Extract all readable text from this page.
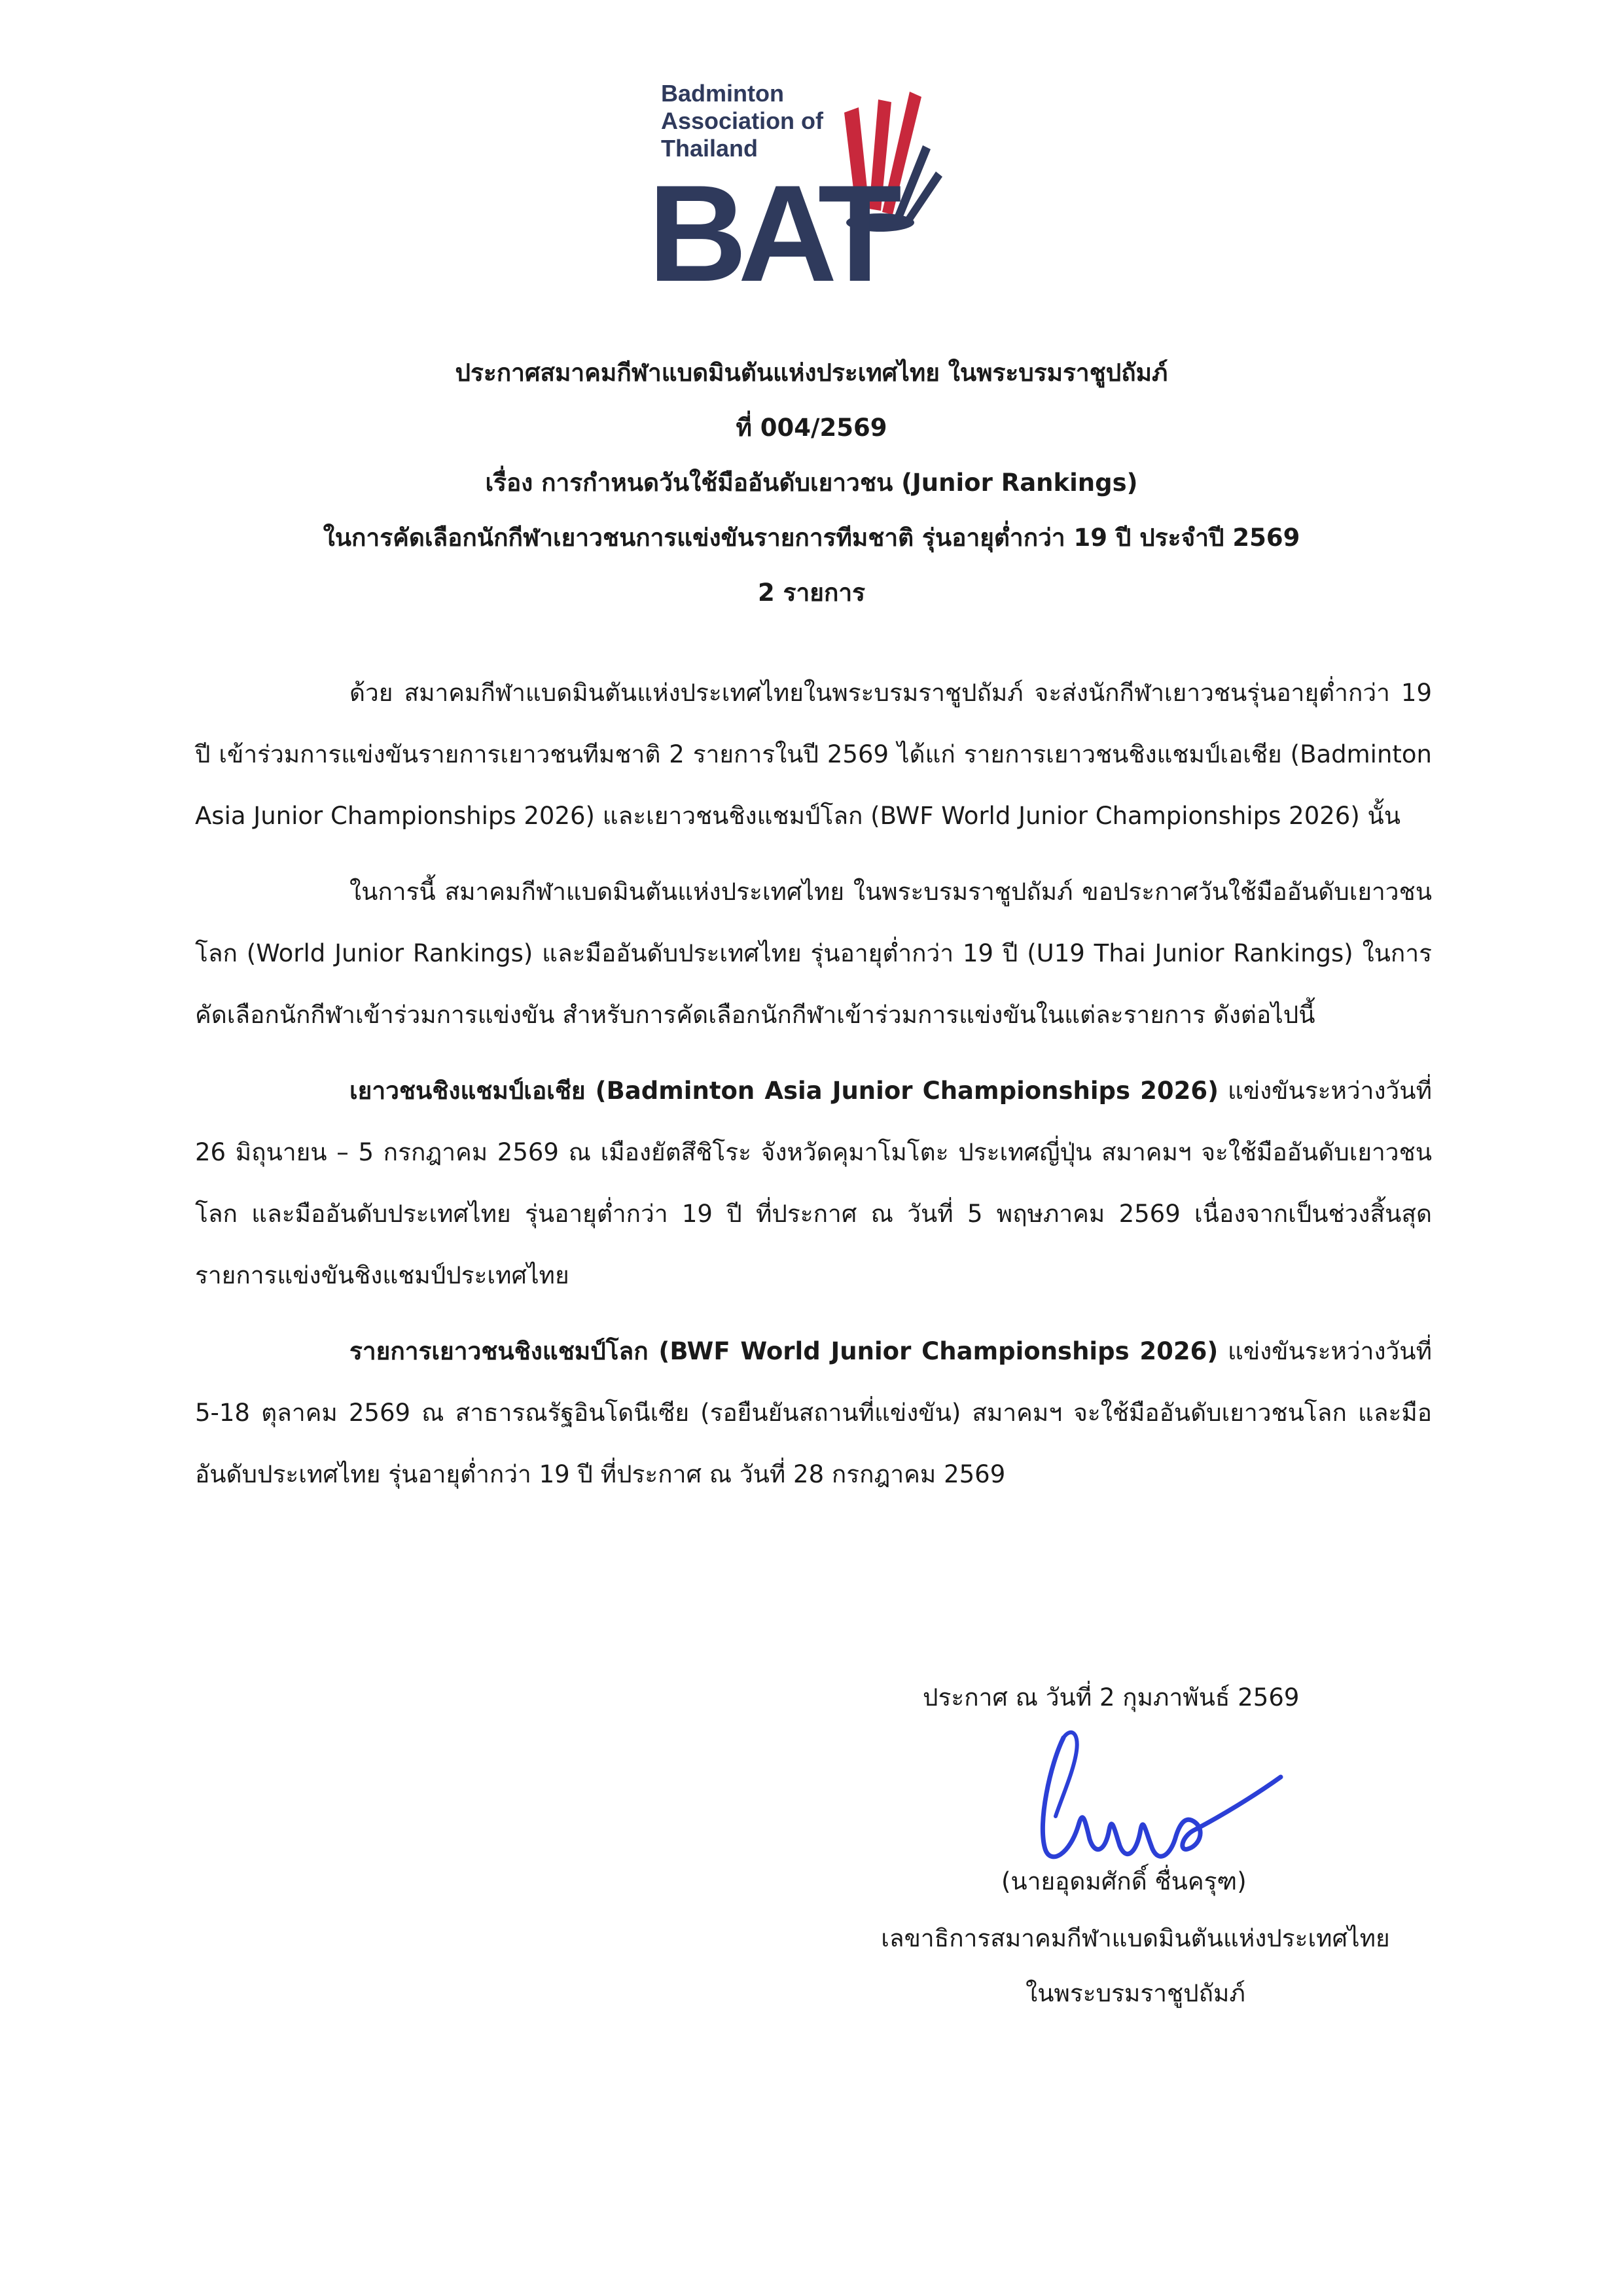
Badminton
Association of
Thailand
BAT
ประกาศสมาคมกีฬาแบดมินตันแห่งประเทศไทย ในพระบรมราชูปถัมภ์
ที่ 004/2569
เรื่อง การกำหนดวันใช้มืออันดับเยาวชน (Junior Rankings)
ในการคัดเลือกนักกีฬาเยาวชนการแข่งขันรายการทีมชาติ รุ่นอายุต่ำกว่า 19 ปี ประจำปี 2569
2 รายการ

ด้วย สมาคมกีฬาแบดมินตันแห่งประเทศไทยในพระบรมราชูปถัมภ์ จะส่งนักกีฬาเยาวชนรุ่นอายุต่ำกว่า 19 ปี เข้าร่วมการแข่งขันรายการเยาวชนทีมชาติ 2 รายการในปี 2569 ได้แก่ รายการเยาวชนชิงแชมป์เอเชีย (Badminton Asia Junior Championships 2026) และเยาวชนชิงแชมป์โลก (BWF World Junior Championships 2026) นั้น

ในการนี้ สมาคมกีฬาแบดมินตันแห่งประเทศไทย ในพระบรมราชูปถัมภ์ ขอประกาศวันใช้มืออันดับเยาวชนโลก (World Junior Rankings) และมืออันดับประเทศไทย รุ่นอายุต่ำกว่า 19 ปี (U19 Thai Junior Rankings) ในการคัดเลือกนักกีฬาเข้าร่วมการแข่งขัน สำหรับการคัดเลือกนักกีฬาเข้าร่วมการแข่งขันในแต่ละรายการ ดังต่อไปนี้

เยาวชนชิงแชมป์เอเชีย (Badminton Asia Junior Championships 2026) แข่งขันระหว่างวันที่ 26 มิถุนายน – 5 กรกฎาคม 2569 ณ เมืองยัตสึชิโระ จังหวัดคุมาโมโตะ ประเทศญี่ปุ่น สมาคมฯ จะใช้มืออันดับเยาวชนโลก และมืออันดับประเทศไทย รุ่นอายุต่ำกว่า 19 ปี ที่ประกาศ ณ วันที่ 5 พฤษภาคม 2569 เนื่องจากเป็นช่วงสิ้นสุดรายการแข่งขันชิงแชมป์ประเทศไทย

รายการเยาวชนชิงแชมป์โลก (BWF World Junior Championships 2026) แข่งขันระหว่างวันที่ 5-18 ตุลาคม 2569 ณ สาธารณรัฐอินโดนีเซีย (รอยืนยันสถานที่แข่งขัน) สมาคมฯ จะใช้มืออันดับเยาวชนโลก และมืออันดับประเทศไทย รุ่นอายุต่ำกว่า 19 ปี ที่ประกาศ ณ วันที่ 28 กรกฎาคม 2569

ประกาศ ณ วันที่ 2 กุมภาพันธ์ 2569
(นายอุดมศักดิ์ ชื่นครุฑ)
เลขาธิการสมาคมกีฬาแบดมินตันแห่งประเทศไทย
ในพระบรมราชูปถัมภ์
